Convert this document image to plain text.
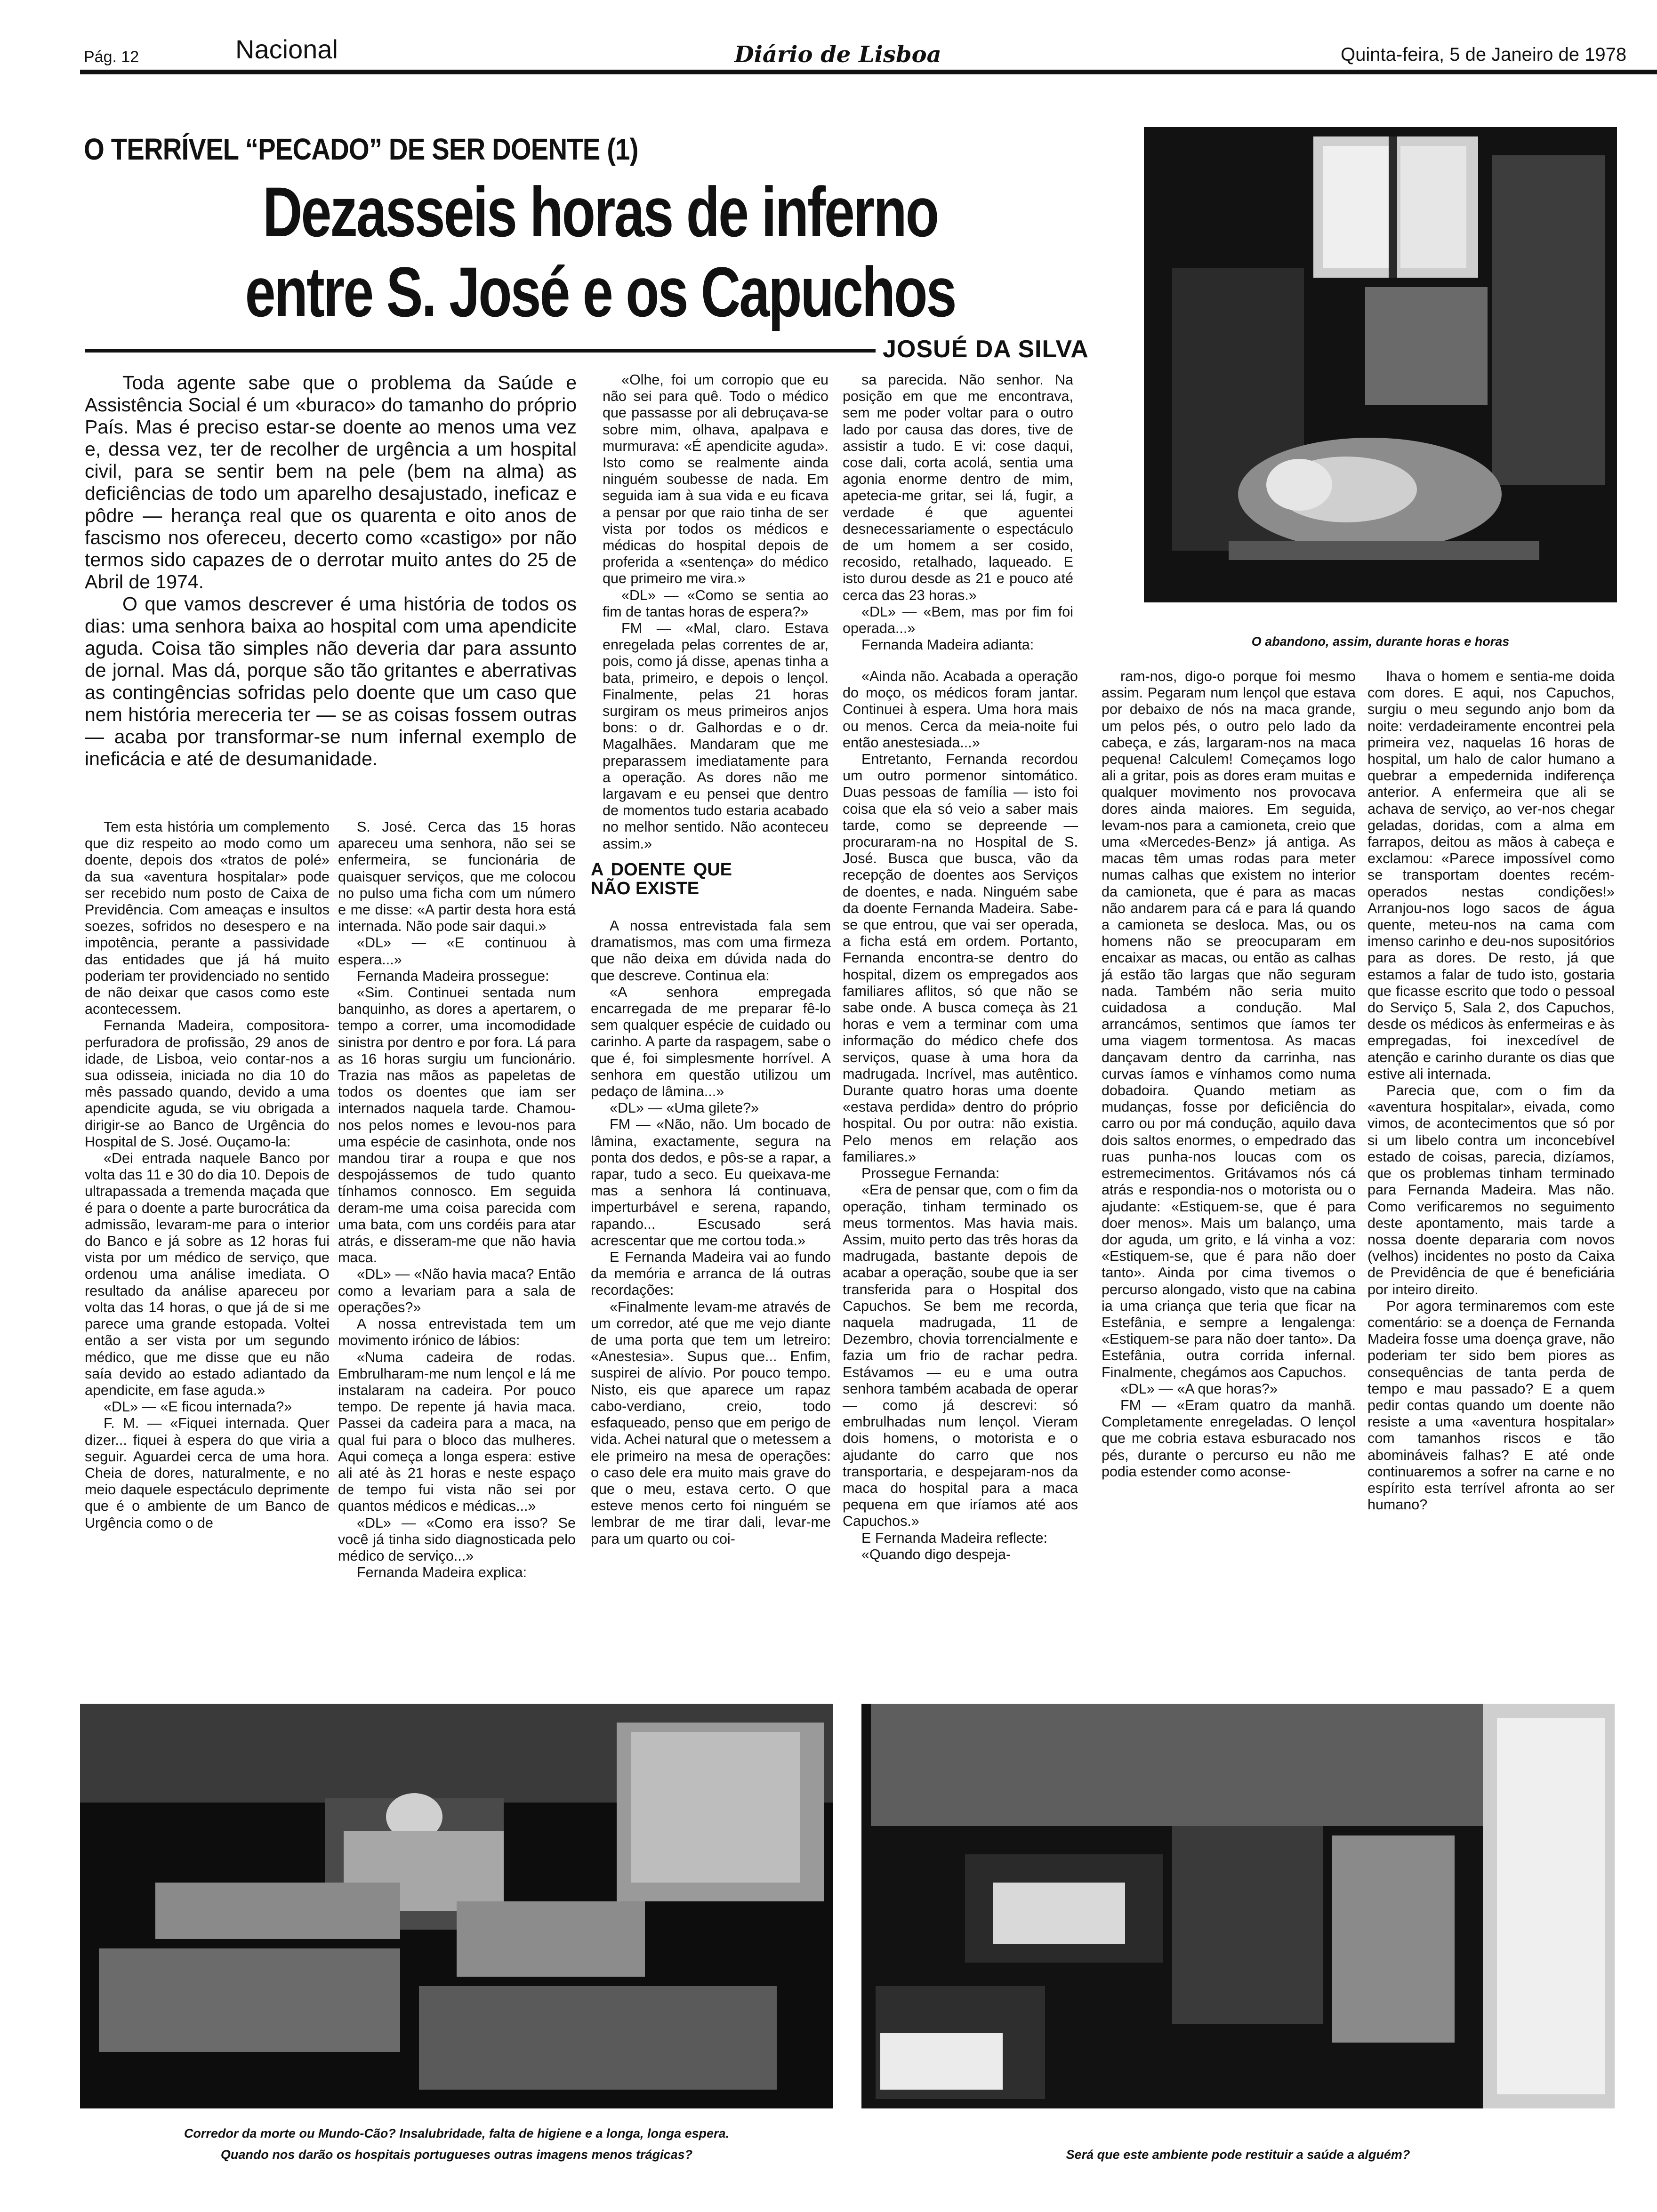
Pág. 12	Nacional	Diário de Lisboa	Quinta-feira, 5 de Janeiro de 1978
O TERRÍVEL “PECADO” DE SER DOENTE (1)
Dezasseis horas de inferno
entre S. José e os Capuchos
JOSUÉ DA SILVA

Toda agente sabe que o problema da Saúde e Assistência Social é um «buraco» do tamanho do próprio País. Mas é preciso estar-se doente ao menos uma vez e, dessa vez, ter de recolher de urgência a um hospital civil, para se sentir bem na pele (bem na alma) as deficiências de todo um aparelho desajustado, ineficaz e pôdre — herança real que os quarenta e oito anos de fascismo nos ofereceu, decerto como «castigo» por não termos sido capazes de o derrotar muito antes do 25 de Abril de 1974.

O que vamos descrever é uma história de todos os dias: uma senhora baixa ao hospital com uma apendicite aguda. Coisa tão simples não deveria dar para assunto de jornal. Mas dá, porque são tão gritantes e aberrativas as contingências sofridas pelo doente que um caso que nem história mereceria ter — se as coisas fossem outras — acaba por transformar-se num infernal exemplo de ineficácia e até de desumanidade.

«Olhe, foi um corropio que eu não sei para quê. Todo o médico que passasse por ali debruçava-se sobre mim, olhava, apalpava e murmurava: «É apendicite aguda». Isto como se realmente ainda ninguém soubesse de nada. Em seguida iam à sua vida e eu ficava a pensar por que raio tinha de ser vista por todos os médicos e médicas do hospital depois de proferida a «sentença» do médico que primeiro me vira.»

«DL» — «Como se sentia ao fim de tantas horas de espera?»

FM — «Mal, claro. Estava enregelada pelas correntes de ar, pois, como já disse, apenas tinha a bata, primeiro, e depois o lençol. Finalmente, pelas 21 horas surgiram os meus primeiros anjos bons: o dr. Galhordas e o dr. Magalhães. Mandaram que me preparassem imediatamente para a operação. As dores não me largavam e eu pensei que dentro de momentos tudo estaria acabado no melhor sentido. Não aconteceu assim.»

sa parecida. Não senhor. Na posição em que me encontrava, sem me poder voltar para o outro lado por causa das dores, tive de assistir a tudo. E vi: cose daqui, cose dali, corta acolá, sentia uma agonia enorme dentro de mim, apetecia-me gritar, sei lá, fugir, a verdade é que aguentei desnecessariamente o espectáculo de um homem a ser cosido, recosido, retalhado, laqueado. E isto durou desde as 21 e pouco até cerca das 23 horas.»

«DL» — «Bem, mas por fim foi operada...»

Fernanda Madeira adianta:

Tem esta história um complemento que diz respeito ao modo como um doente, depois dos «tratos de polé» da sua «aventura hospitalar» pode ser recebido num posto de Caixa de Previdência. Com ameaças e insultos soezes, sofridos no desespero e na impotência, perante a passividade das entidades que já há muito poderiam ter providenciado no sentido de não deixar que casos como este acontecessem.

Fernanda Madeira, compositora-perfuradora de profissão, 29 anos de idade, de Lisboa, veio contar-nos a sua odisseia, iniciada no dia 10 do mês passado quando, devido a uma apendicite aguda, se viu obrigada a dirigir-se ao Banco de Urgência do Hospital de S. José. Ouçamo-la:

«Dei entrada naquele Banco por volta das 11 e 30 do dia 10. Depois de ultrapassada a tremenda maçada que é para o doente a parte burocrática da admissão, levaram-me para o interior do Banco e já sobre as 12 horas fui vista por um médico de serviço, que ordenou uma análise imediata. O resultado da análise apareceu por volta das 14 horas, o que já de si me parece uma grande estopada. Voltei então a ser vista por um segundo médico, que me disse que eu não saía devido ao estado adiantado da apendicite, em fase aguda.»

«DL» — «E ficou internada?»

F. M. — «Fiquei internada. Quer dizer... fiquei à espera do que viria a seguir. Aguardei cerca de uma hora. Cheia de dores, naturalmente, e no meio daquele espectáculo deprimente que é o ambiente de um Banco de Urgência como o de

S. José. Cerca das 15 horas apareceu uma senhora, não sei se enfermeira, se funcionária de quaisquer serviços, que me colocou no pulso uma ficha com um número e me disse: «A partir desta hora está internada. Não pode sair daqui.»

«DL» — «E continuou à espera...»

Fernanda Madeira prossegue:

«Sim. Continuei sentada num banquinho, as dores a apertarem, o tempo a correr, uma incomodidade sinistra por dentro e por fora. Lá para as 16 horas surgiu um funcionário. Trazia nas mãos as papeletas de todos os doentes que iam ser internados naquela tarde. Chamou-nos pelos nomes e levou-nos para uma espécie de casinhota, onde nos mandou tirar a roupa e que nos despojássemos de tudo quanto tínhamos connosco. Em seguida deram-me uma coisa parecida com uma bata, com uns cordéis para atar atrás, e disseram-me que não havia maca.

«DL» — «Não havia maca? Então como a levariam para a sala de operações?»

A nossa entrevistada tem um movimento irónico de lábios:

«Numa cadeira de rodas. Embrulharam-me num lençol e lá me instalaram na cadeira. Por pouco tempo. De repente já havia maca. Passei da cadeira para a maca, na qual fui para o bloco das mulheres. Aqui começa a longa espera: estive ali até às 21 horas e neste espaço de tempo fui vista não sei por quantos médicos e médicas...»

«DL» — «Como era isso? Se você já tinha sido diagnosticada pelo médico de serviço...»

Fernanda Madeira explica:

A DOENTE QUE NÃO EXISTE

A nossa entrevistada fala sem dramatismos, mas com uma firmeza que não deixa em dúvida nada do que descreve. Continua ela:

«A senhora empregada encarregada de me preparar fê-lo sem qualquer espécie de cuidado ou carinho. A parte da raspagem, sabe o que é, foi simplesmente horrível. A senhora em questão utilizou um pedaço de lâmina...»

«DL» — «Uma gilete?»

FM — «Não, não. Um bocado de lâmina, exactamente, segura na ponta dos dedos, e pôs-se a rapar, a rapar, tudo a seco. Eu queixava-me mas a senhora lá continuava, imperturbável e serena, rapando, rapando... Escusado será acrescentar que me cortou toda.»

E Fernanda Madeira vai ao fundo da memória e arranca de lá outras recordações:

«Finalmente levam-me através de um corredor, até que me vejo diante de uma porta que tem um letreiro: «Anestesia». Supus que... Enfim, suspirei de alívio. Por pouco tempo. Nisto, eis que aparece um rapaz cabo-verdiano, creio, todo esfaqueado, penso que em perigo de vida. Achei natural que o metessem a ele primeiro na mesa de operações: o caso dele era muito mais grave do que o meu, estava certo. O que esteve menos certo foi ninguém se lembrar de me tirar dali, levar-me para um quarto ou coi-

«Ainda não. Acabada a operação do moço, os médicos foram jantar. Continuei à espera. Uma hora mais ou menos. Cerca da meia-noite fui então anestesiada...»

Entretanto, Fernanda recordou um outro pormenor sintomático. Duas pessoas de família — isto foi coisa que ela só veio a saber mais tarde, como se depreende — procuraram-na no Hospital de S. José. Busca que busca, vão da recepção de doentes aos Serviços de doentes, e nada. Ninguém sabe da doente Fernanda Madeira. Sabe-se que entrou, que vai ser operada, a ficha está em ordem. Portanto, Fernanda encontra-se dentro do hospital, dizem os empregados aos familiares aflitos, só que não se sabe onde. A busca começa às 21 horas e vem a terminar com uma informação do médico chefe dos serviços, quase à uma hora da madrugada. Incrível, mas autêntico. Durante quatro horas uma doente «estava perdida» dentro do próprio hospital. Ou por outra: não existia. Pelo menos em relação aos familiares.»

Prossegue Fernanda:

«Era de pensar que, com o fim da operação, tinham terminado os meus tormentos. Mas havia mais. Assim, muito perto das três horas da madrugada, bastante depois de acabar a operação, soube que ia ser transferida para o Hospital dos Capuchos. Se bem me recorda, naquela madrugada, 11 de Dezembro, chovia torrencialmente e fazia um frio de rachar pedra. Estávamos — eu e uma outra senhora também acabada de operar — como já descrevi: só embrulhadas num lençol. Vieram dois homens, o motorista e o ajudante do carro que nos transportaria, e despejaram-nos da maca do hospital para a maca pequena em que iríamos até aos Capuchos.»

E Fernanda Madeira reflecte:

«Quando digo despeja-

ram-nos, digo-o porque foi mesmo assim. Pegaram num lençol que estava por debaixo de nós na maca grande, um pelos pés, o outro pelo lado da cabeça, e zás, largaram-nos na maca pequena! Calculem! Começamos logo ali a gritar, pois as dores eram muitas e qualquer movimento nos provocava dores ainda maiores. Em seguida, levam-nos para a camioneta, creio que uma «Mercedes-Benz» já antiga. As macas têm umas rodas para meter numas calhas que existem no interior da camioneta, que é para as macas não andarem para cá e para lá quando a camioneta se desloca. Mas, ou os homens não se preocuparam em encaixar as macas, ou então as calhas já estão tão largas que não seguram nada. Também não seria muito cuidadosa a condução. Mal arrancámos, sentimos que íamos ter uma viagem tormentosa. As macas dançavam dentro da carrinha, nas curvas íamos e vínhamos como numa dobadoira. Quando metiam as mudanças, fosse por deficiência do carro ou por má condução, aquilo dava dois saltos enormes, o empedrado das ruas punha-nos loucas com os estremecimentos. Gritávamos nós cá atrás e respondia-nos o motorista ou o ajudante: «Estiquem-se, que é para doer menos». Mais um balanço, uma dor aguda, um grito, e lá vinha a voz: «Estiquem-se, que é para não doer tanto». Ainda por cima tivemos o percurso alongado, visto que na cabina ia uma criança que teria que ficar na Estefânia, e sempre a lengalenga: «Estiquem-se para não doer tanto». Da Estefânia, outra corrida infernal. Finalmente, chegámos aos Capuchos.

«DL» — «A que horas?»

FM — «Eram quatro da manhã. Completamente enregeladas. O lençol que me cobria estava esburacado nos pés, durante o percurso eu não me podia estender como aconse-

lhava o homem e sentia-me doida com dores. E aqui, nos Capuchos, surgiu o meu segundo anjo bom da noite: verdadeiramente encontrei pela primeira vez, naquelas 16 horas de hospital, um halo de calor humano a quebrar a empedernida indiferença anterior. A enfermeira que ali se achava de serviço, ao ver-nos chegar geladas, doridas, com a alma em farrapos, deitou as mãos à cabeça e exclamou: «Parece impossível como se transportam doentes recém-operados nestas condições!» Arranjou-nos logo sacos de água quente, meteu-nos na cama com imenso carinho e deu-nos supositórios para as dores. De resto, já que estamos a falar de tudo isto, gostaria que ficasse escrito que todo o pessoal do Serviço 5, Sala 2, dos Capuchos, desde os médicos às enfermeiras e às empregadas, foi inexcedível de atenção e carinho durante os dias que estive ali internada.

Parecia que, com o fim da «aventura hospitalar», eivada, como vimos, de acontecimentos que só por si um libelo contra um inconcebível estado de coisas, parecia, dizíamos, que os problemas tinham terminado para Fernanda Madeira. Mas não. Como verificaremos no seguimento deste apontamento, mais tarde a nossa doente depararia com novos (velhos) incidentes no posto da Caixa de Previdência de que é beneficiária por inteiro direito.

Por agora terminaremos com este comentário: se a doença de Fernanda Madeira fosse uma doença grave, não poderiam ter sido bem piores as consequências de tanta perda de tempo e mau passado? E a quem pedir contas quando um doente não resiste a uma «aventura hospitalar» com tamanhos riscos e tão abomináveis falhas? E até onde continuaremos a sofrer na carne e no espírito esta terrível afronta ao ser humano?

O abandono, assim, durante horas e horas
Corredor da morte ou Mundo-Cão? Insalubridade, falta de higiene e a longa, longa espera.
Quando nos darão os hospitais portugueses outras imagens menos trágicas?	Será que este ambiente pode restituir a saúde a alguém?
